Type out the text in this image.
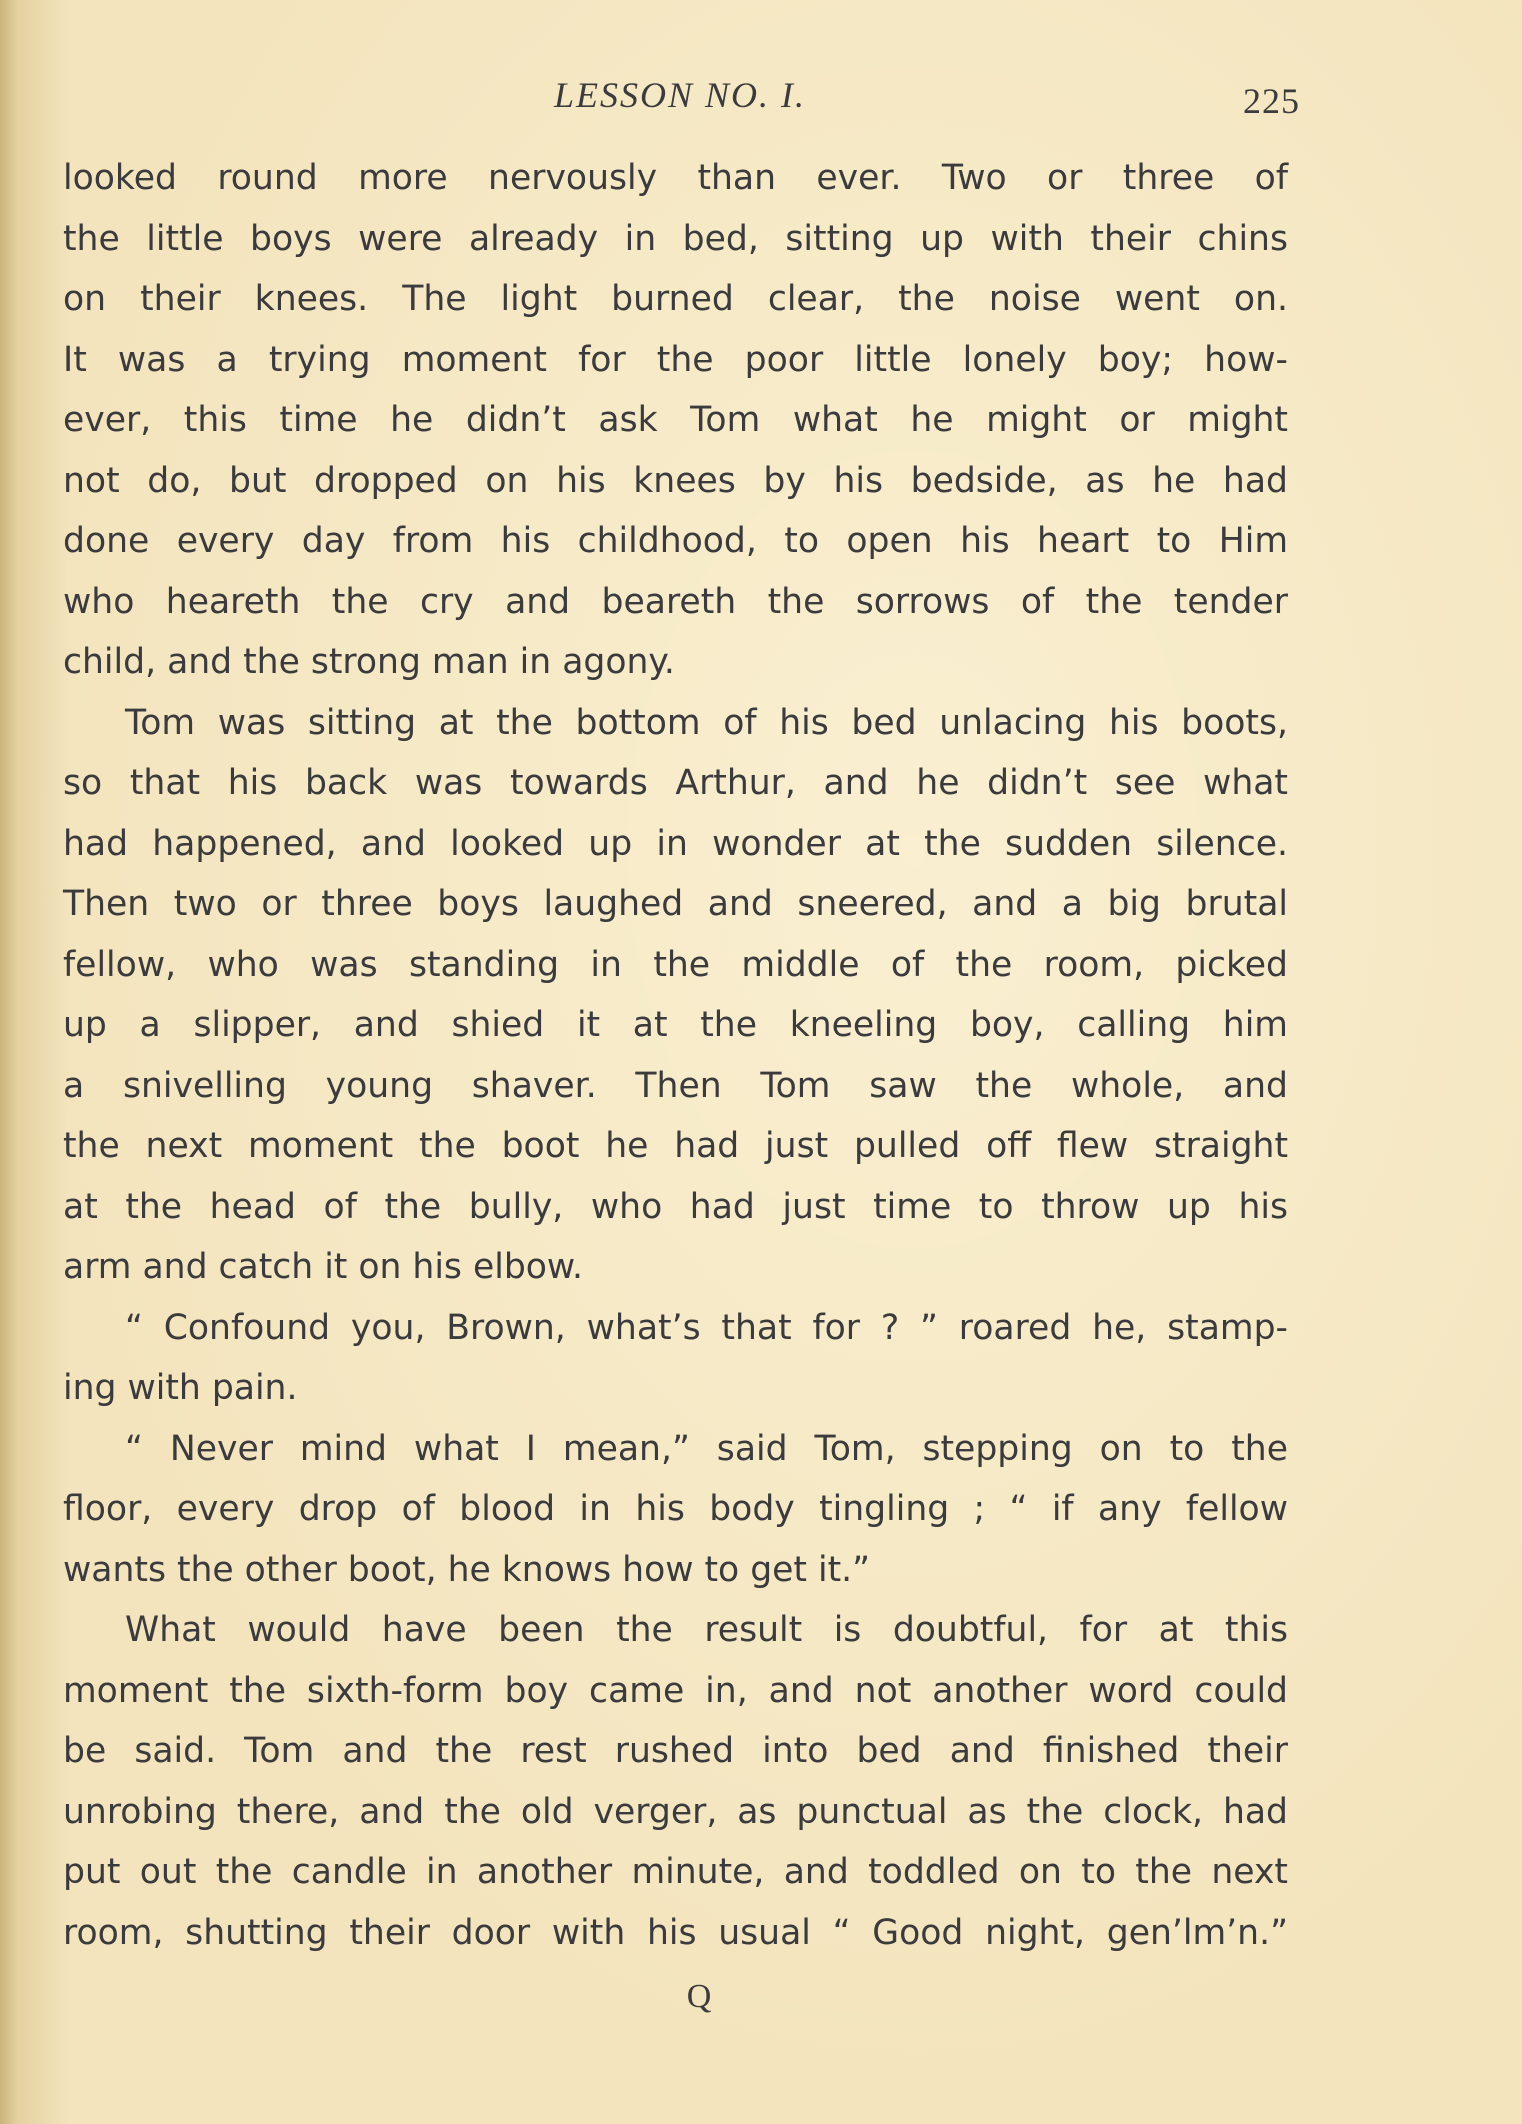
LESSON NO. I.	225
looked round more nervously than ever. Two or three of
the little boys were already in bed, sitting up with their chins
on their knees. The light burned clear, the noise went on.
It was a trying moment for the poor little lonely boy; how-
ever, this time he didn’t ask Tom what he might or might
not do, but dropped on his knees by his bedside, as he had
done every day from his childhood, to open his heart to Him
who heareth the cry and beareth the sorrows of the tender
child, and the strong man in agony.
Tom was sitting at the bottom of his bed unlacing his boots,
so that his back was towards Arthur, and he didn’t see what
had happened, and looked up in wonder at the sudden silence.
Then two or three boys laughed and sneered, and a big brutal
fellow, who was standing in the middle of the room, picked
up a slipper, and shied it at the kneeling boy, calling him
a snivelling young shaver. Then Tom saw the whole, and
the next moment the boot he had just pulled off flew straight
at the head of the bully, who had just time to throw up his
arm and catch it on his elbow.
“ Confound you, Brown, what’s that for ? ” roared he, stamp-
ing with pain.
“ Never mind what I mean,” said Tom, stepping on to the
floor, every drop of blood in his body tingling ; “ if any fellow
wants the other boot, he knows how to get it.”
What would have been the result is doubtful, for at this
moment the sixth-form boy came in, and not another word could
be said. Tom and the rest rushed into bed and finished their
unrobing there, and the old verger, as punctual as the clock, had
put out the candle in another minute, and toddled on to the next
room, shutting their door with his usual “ Good night, gen’lm’n.”
Q
